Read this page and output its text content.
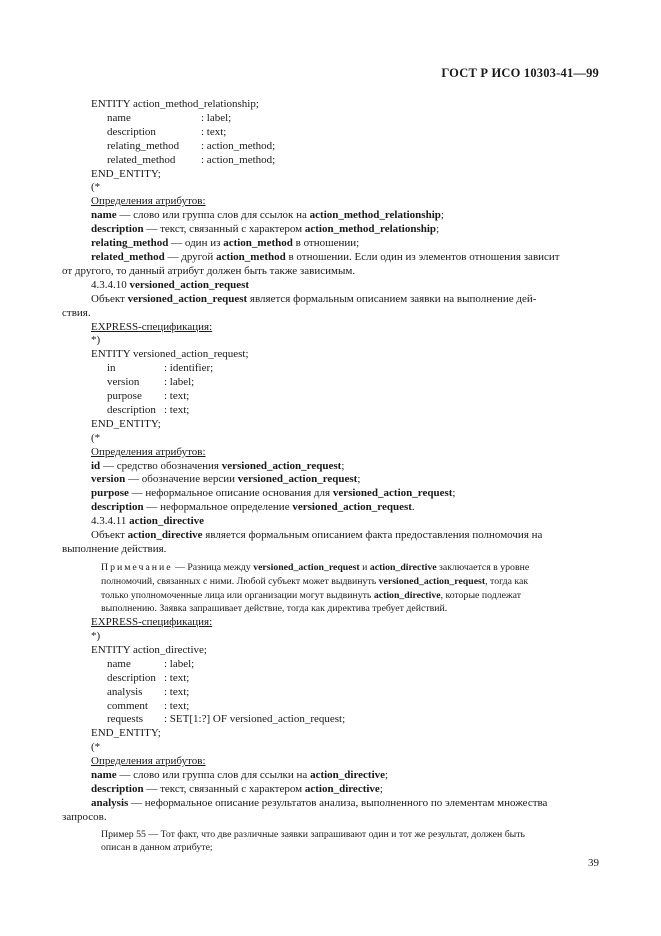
ГОСТ Р ИСО 10303-41—99
ENTITY action_method_relationship;
name	: label;
description	: text;
relating_method : action_method;
related_method : action_method;
END_ENTITY;
(*
Определения атрибутов:
name — слово или группа слов для ссылок на action_method_relationship;
description — текст, связанный с характером action_method_relationship;
relating_method — один из action_method в отношении;
related_method — другой action_method в отношении. Если один из элементов отношения зависит
от другого, то данный атрибут должен быть также зависимым.
4.3.4.10 versioned_action_request
Объект versioned_action_request является формальным описанием заявки на выполнение дей-
ствия.
EXPRESS-спецификация:
*)
ENTITY versioned_action_request;
in	: identifier;
version : label;
purpose : text;
description : text;
END_ENTITY;
(*
Определения атрибутов:
id — средство обозначения versioned_action_request;
version — обозначение версии versioned_action_request;
purpose — неформальное описание основания для versioned_action_request;
description — неформальное определение versioned_action_request.
4.3.4.11 action_directive
Объект action_directive является формальным описанием факта предоставления полномочия на
выполнение действия.
Примечание — Разница между versioned_action_request и action_directive заключается в уровне
полномочий, связанных с ними. Любой субъект может выдвинуть versioned_action_request, тогда как
только уполномоченные лица или организации могут выдвинуть action_directive, которые подлежат
выполнению. Заявка запрашивает действие, тогда как директива требует действий.
EXPRESS-спецификация:
*)
ENTITY action_directive;
name	: label;
description : text;
analysis : text;
comment : text;
requests : SET[1:?] OF versioned_action_request;
END_ENTITY;
(*
Определения атрибутов:
name — слово или группа слов для ссылки на action_directive;
description — текст, связанный с характером action_directive;
analysis — неформальное описание результатов анализа, выполненного по элементам множества
запросов.
Пример 55 — Тот факт, что две различные заявки запрашивают один и тот же результат, должен быть
описан в данном атрибуте;
39
